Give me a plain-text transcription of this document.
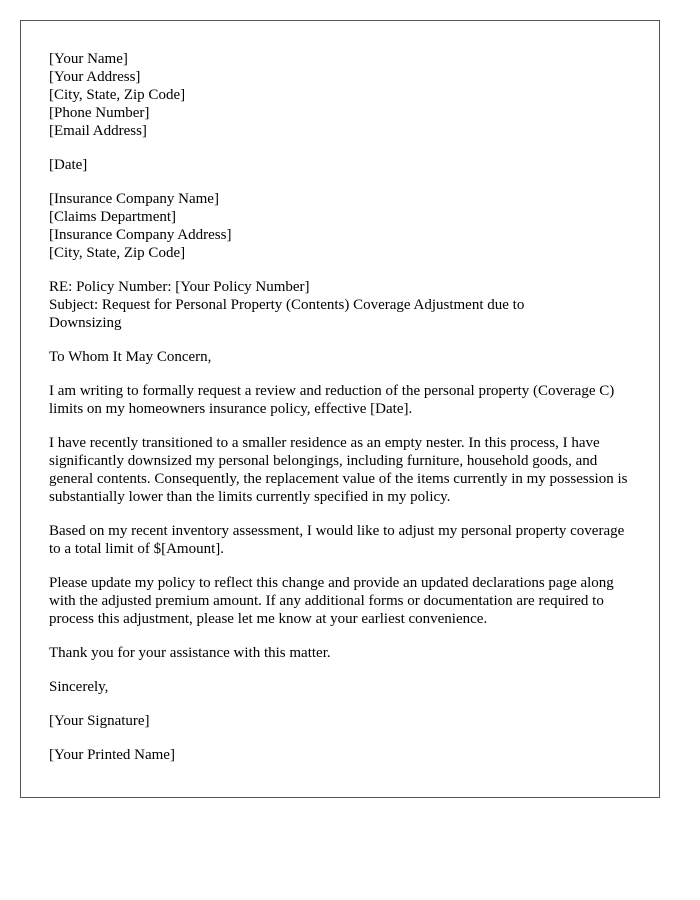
[Your Name]
[Your Address]
[City, State, Zip Code]
[Phone Number]
[Email Address]
[Date]
[Insurance Company Name]
[Claims Department]
[Insurance Company Address]
[City, State, Zip Code]
RE: Policy Number: [Your Policy Number]
Subject: Request for Personal Property (Contents) Coverage Adjustment due to
Downsizing

To Whom It May Concern,

I am writing to formally request a review and reduction of the personal property (Coverage C) limits on my homeowners insurance policy, effective [Date].

I have recently transitioned to a smaller residence as an empty nester. In this process, I have significantly downsized my personal belongings, including furniture, household goods, and general contents. Consequently, the replacement value of the items currently in my possession is substantially lower than the limits currently specified in my policy.

Based on my recent inventory assessment, I would like to adjust my personal property coverage to a total limit of $[Amount].

Please update my policy to reflect this change and provide an updated declarations page along with the adjusted premium amount. If any additional forms or documentation are required to process this adjustment, please let me know at your earliest convenience.

Thank you for your assistance with this matter.

Sincerely,

[Your Signature]

[Your Printed Name]
